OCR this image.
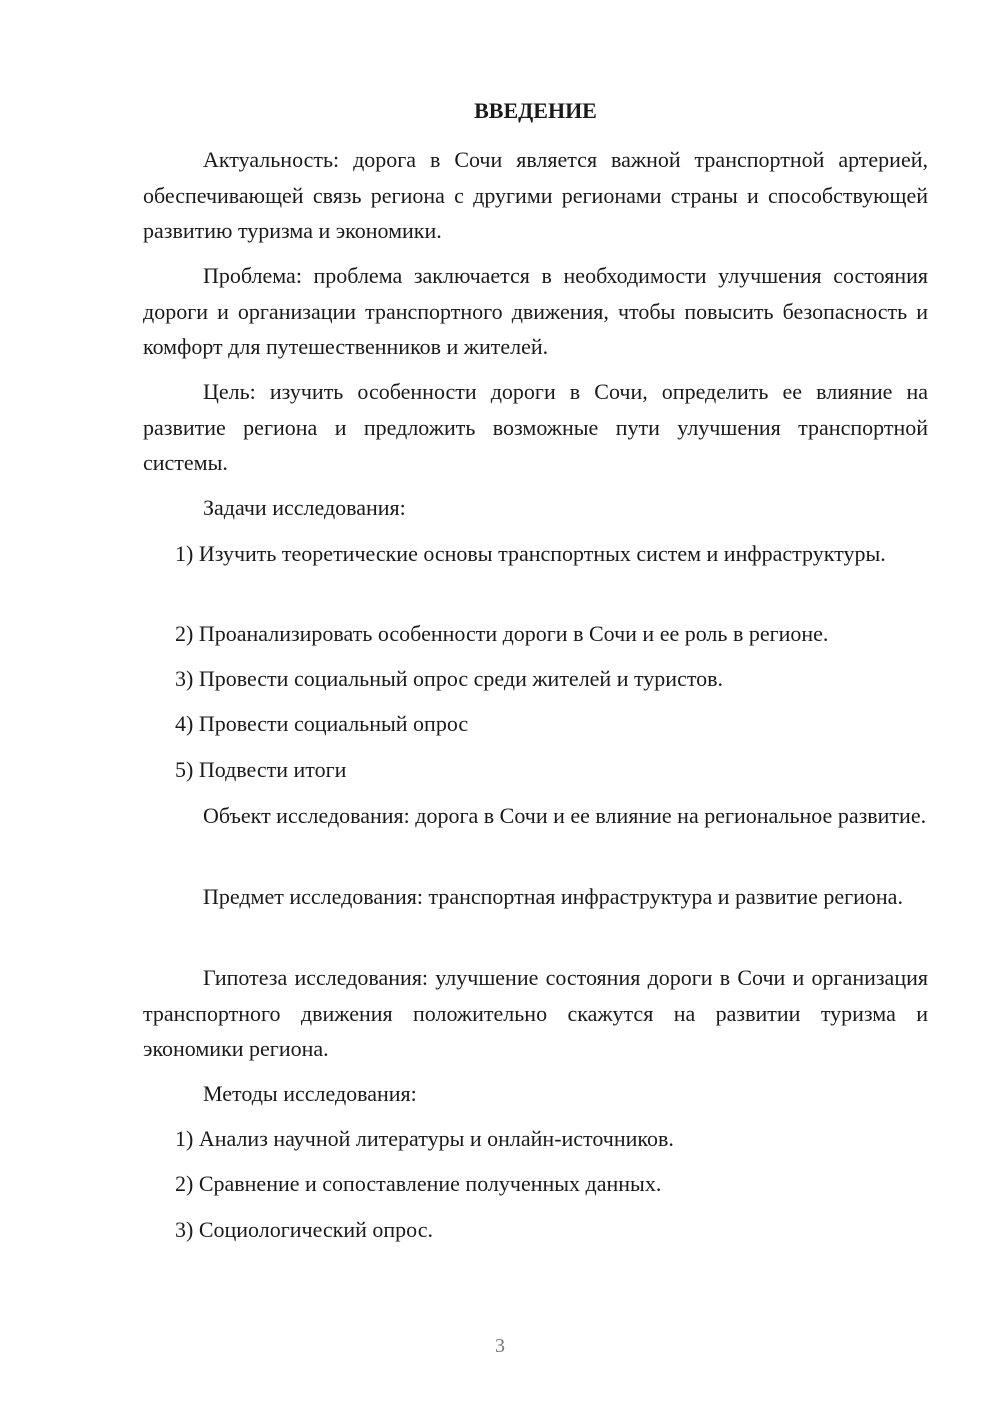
ВВЕДЕНИЕ

Актуальность: дорога в Сочи является важной транспортной артерией, обеспечивающей связь региона с другими регионами страны и способствующей развитию туризма и экономики.

Проблема: проблема заключается в необходимости улучшения состояния дороги и организации транспортного движения, чтобы повысить безопасность и комфорт для путешественников и жителей.

Цель: изучить особенности дороги в Сочи, определить ее влияние на развитие региона и предложить возможные пути улучшения транспортной системы.

Задачи исследования:

1) Изучить теоретические основы транспортных систем и инфраструктуры.

2) Проанализировать особенности дороги в Сочи и ее роль в регионе.

3) Провести социальный опрос среди жителей и туристов.

4) Провести социальный опрос

5) Подвести итоги

Объект исследования: дорога в Сочи и ее влияние на региональное развитие.

Предмет исследования: транспортная инфраструктура и развитие региона.

Гипотеза исследования: улучшение состояния дороги в Сочи и организация транспортного движения положительно скажутся на развитии туризма и экономики региона.

Методы исследования:

1) Анализ научной литературы и онлайн-источников.

2) Сравнение и сопоставление полученных данных.

3) Социологический опрос.

3
